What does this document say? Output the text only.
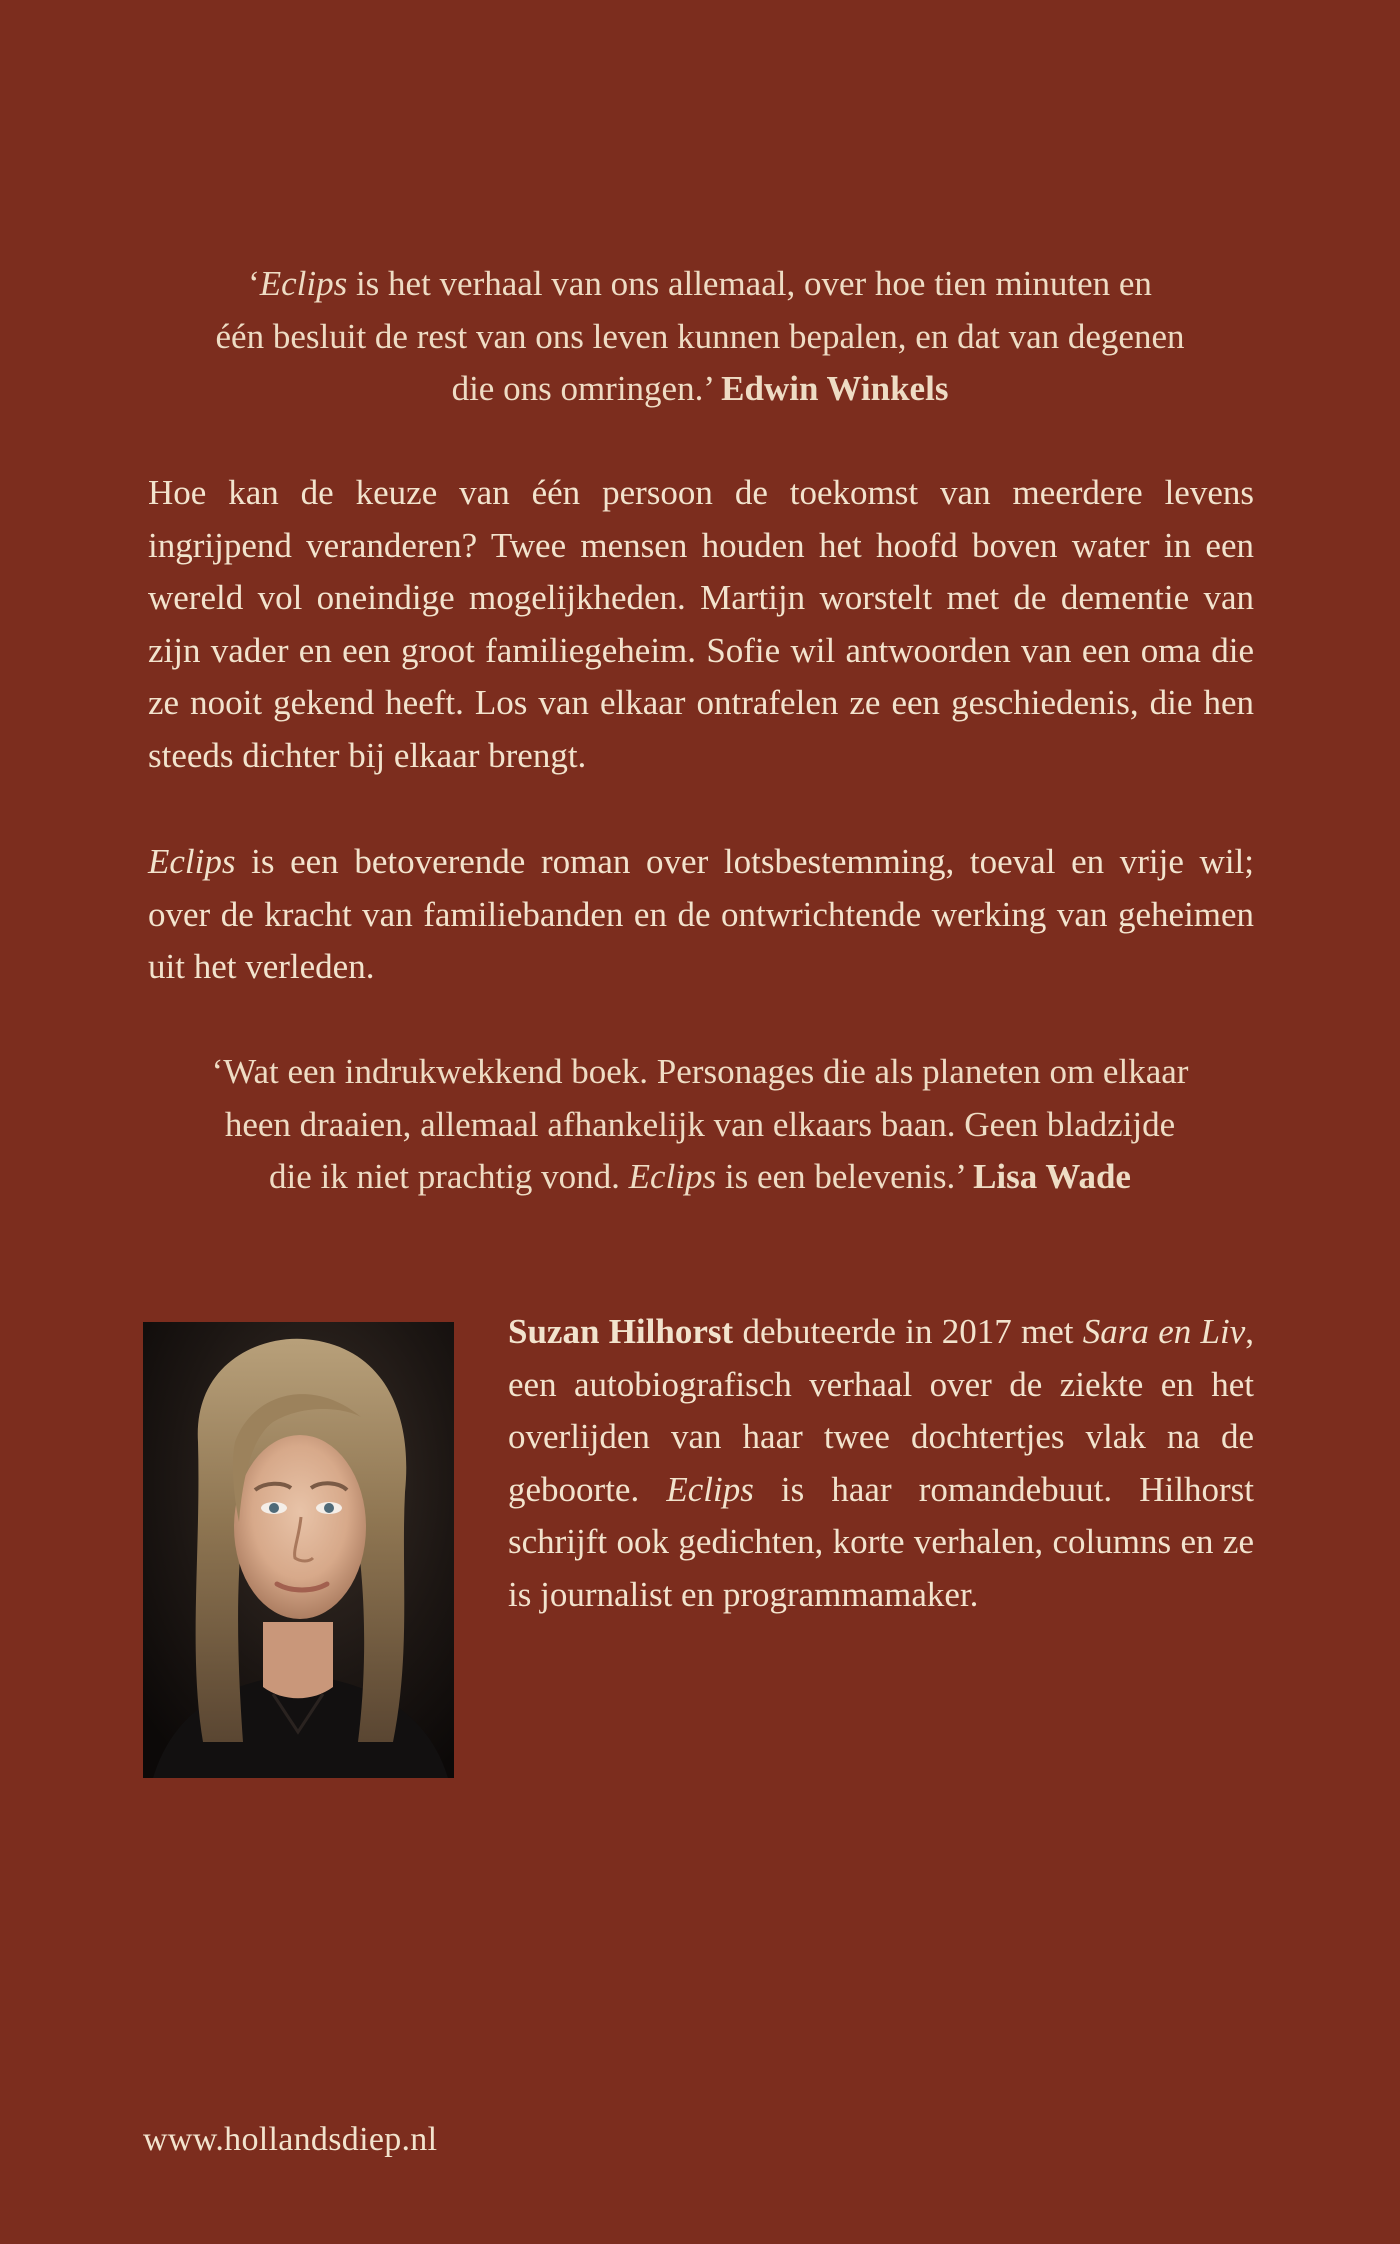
‘Eclips is het verhaal van ons allemaal, over hoe tien minuten en
één besluit de rest van ons leven kunnen bepalen, en dat van degenen
die ons omringen.’ Edwin Winkels
Hoe kan de keuze van één persoon de toekomst van meerdere levens ingrijpend veranderen? Twee mensen houden het hoofd boven water in een wereld vol oneindige mogelijkheden. Martijn worstelt met de dementie van zijn vader en een groot familiegeheim. Sofie wil antwoorden van een oma die ze nooit gekend heeft. Los van elkaar ontrafelen ze een geschiedenis, die hen steeds dichter bij elkaar brengt.
Eclips is een betoverende roman over lotsbestemming, toeval en vrije wil; over de kracht van familiebanden en de ontwrichtende werking van geheimen uit het verleden.
‘Wat een indrukwekkend boek. Personages die als planeten om elkaar
heen draaien, allemaal afhankelijk van elkaars baan. Geen bladzijde
die ik niet prachtig vond. Eclips is een belevenis.’ Lisa Wade
Suzan Hilhorst debuteerde in 2017 met Sara en Liv, een autobiografisch verhaal over de ziekte en het overlijden van haar twee dochtertjes vlak na de geboorte. Eclips is haar romandebuut. Hilhorst schrijft ook gedichten, korte verhalen, columns en ze is journalist en programmamaker.
www.hollandsdiep.nl
